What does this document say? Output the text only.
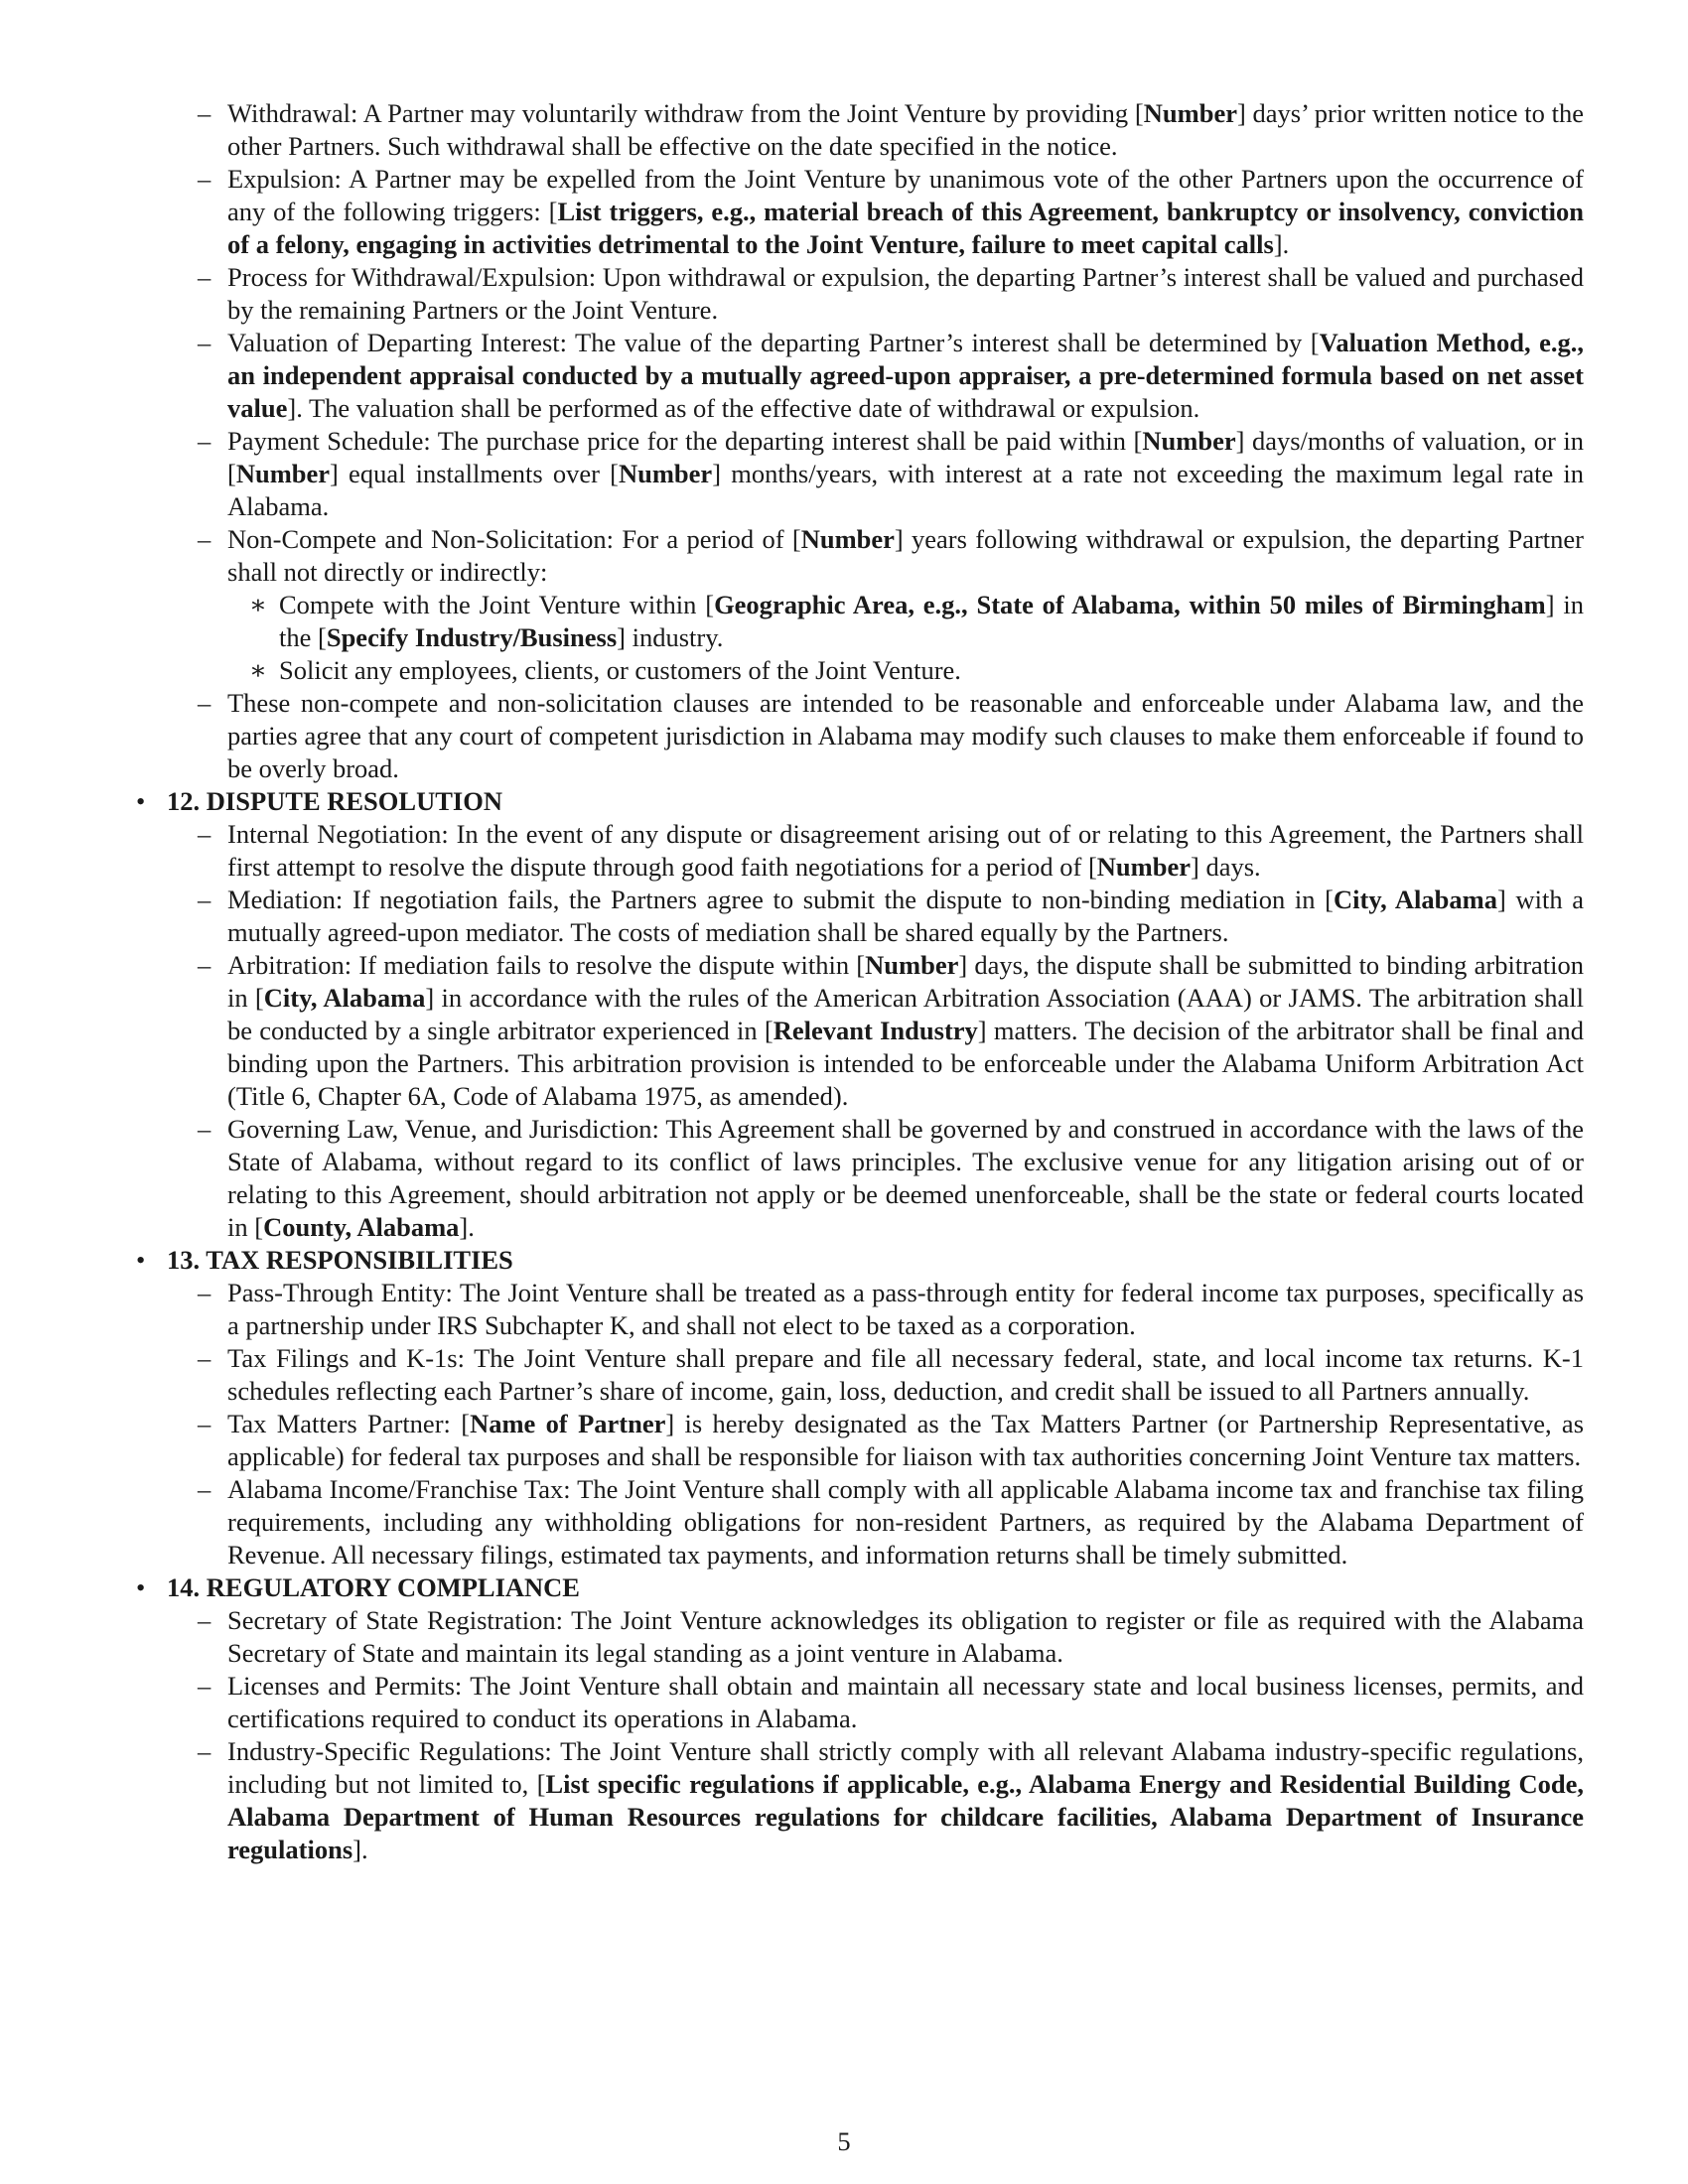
– Withdrawal: A Partner may voluntarily withdraw from the Joint Venture by providing [Number] days’ prior written notice to the other Partners. Such withdrawal shall be effective on the date specified in the notice.
– Expulsion: A Partner may be expelled from the Joint Venture by unanimous vote of the other Partners upon the occurrence of any of the following triggers: [List triggers, e.g., material breach of this Agreement, bankruptcy or insolvency, conviction of a felony, engaging in activities detrimental to the Joint Venture, failure to meet capital calls].
– Process for Withdrawal/Expulsion: Upon withdrawal or expulsion, the departing Partner’s interest shall be valued and purchased by the remaining Partners or the Joint Venture.
– Valuation of Departing Interest: The value of the departing Partner’s interest shall be determined by [Valuation Method, e.g., an independent appraisal conducted by a mutually agreed-upon appraiser, a pre-determined formula based on net asset value]. The valuation shall be performed as of the effective date of withdrawal or expulsion.
– Payment Schedule: The purchase price for the departing interest shall be paid within [Number] days/months of valuation, or in [Number] equal installments over [Number] months/years, with interest at a rate not exceeding the maximum legal rate in Alabama.
– Non-Compete and Non-Solicitation: For a period of [Number] years following withdrawal or expulsion, the departing Partner shall not directly or indirectly:
∗ Compete with the Joint Venture within [Geographic Area, e.g., State of Alabama, within 50 miles of Birmingham] in the [Specify Industry/Business] industry.
∗ Solicit any employees, clients, or customers of the Joint Venture.
– These non-compete and non-solicitation clauses are intended to be reasonable and enforceable under Alabama law, and the parties agree that any court of competent jurisdiction in Alabama may modify such clauses to make them enforceable if found to be overly broad.
• 12. DISPUTE RESOLUTION
– Internal Negotiation: In the event of any dispute or disagreement arising out of or relating to this Agreement, the Partners shall first attempt to resolve the dispute through good faith negotiations for a period of [Number] days.
– Mediation: If negotiation fails, the Partners agree to submit the dispute to non-binding mediation in [City, Alabama] with a mutually agreed-upon mediator. The costs of mediation shall be shared equally by the Partners.
– Arbitration: If mediation fails to resolve the dispute within [Number] days, the dispute shall be submitted to binding arbitration in [City, Alabama] in accordance with the rules of the American Arbitration Association (AAA) or JAMS. The arbitration shall be conducted by a single arbitrator experienced in [Relevant Industry] matters. The decision of the arbitrator shall be final and binding upon the Partners. This arbitration provision is intended to be enforceable under the Alabama Uniform Arbitration Act (Title 6, Chapter 6A, Code of Alabama 1975, as amended).
– Governing Law, Venue, and Jurisdiction: This Agreement shall be governed by and construed in accordance with the laws of the State of Alabama, without regard to its conflict of laws principles. The exclusive venue for any litigation arising out of or relating to this Agreement, should arbitration not apply or be deemed unenforceable, shall be the state or federal courts located in [County, Alabama].
• 13. TAX RESPONSIBILITIES
– Pass-Through Entity: The Joint Venture shall be treated as a pass-through entity for federal income tax purposes, specifically as a partnership under IRS Subchapter K, and shall not elect to be taxed as a corporation.
– Tax Filings and K-1s: The Joint Venture shall prepare and file all necessary federal, state, and local income tax returns. K-1 schedules reflecting each Partner’s share of income, gain, loss, deduction, and credit shall be issued to all Partners annually.
– Tax Matters Partner: [Name of Partner] is hereby designated as the Tax Matters Partner (or Partnership Representative, as applicable) for federal tax purposes and shall be responsible for liaison with tax authorities concerning Joint Venture tax matters.
– Alabama Income/Franchise Tax: The Joint Venture shall comply with all applicable Alabama income tax and franchise tax filing requirements, including any withholding obligations for non-resident Partners, as required by the Alabama Department of Revenue. All necessary filings, estimated tax payments, and information returns shall be timely submitted.
• 14. REGULATORY COMPLIANCE
– Secretary of State Registration: The Joint Venture acknowledges its obligation to register or file as required with the Alabama Secretary of State and maintain its legal standing as a joint venture in Alabama.
– Licenses and Permits: The Joint Venture shall obtain and maintain all necessary state and local business licenses, permits, and certifications required to conduct its operations in Alabama.
– Industry-Specific Regulations: The Joint Venture shall strictly comply with all relevant Alabama industry-specific regulations, including but not limited to, [List specific regulations if applicable, e.g., Alabama Energy and Residential Building Code, Alabama Department of Human Resources regulations for childcare facilities, Alabama Department of Insurance regulations].
5
